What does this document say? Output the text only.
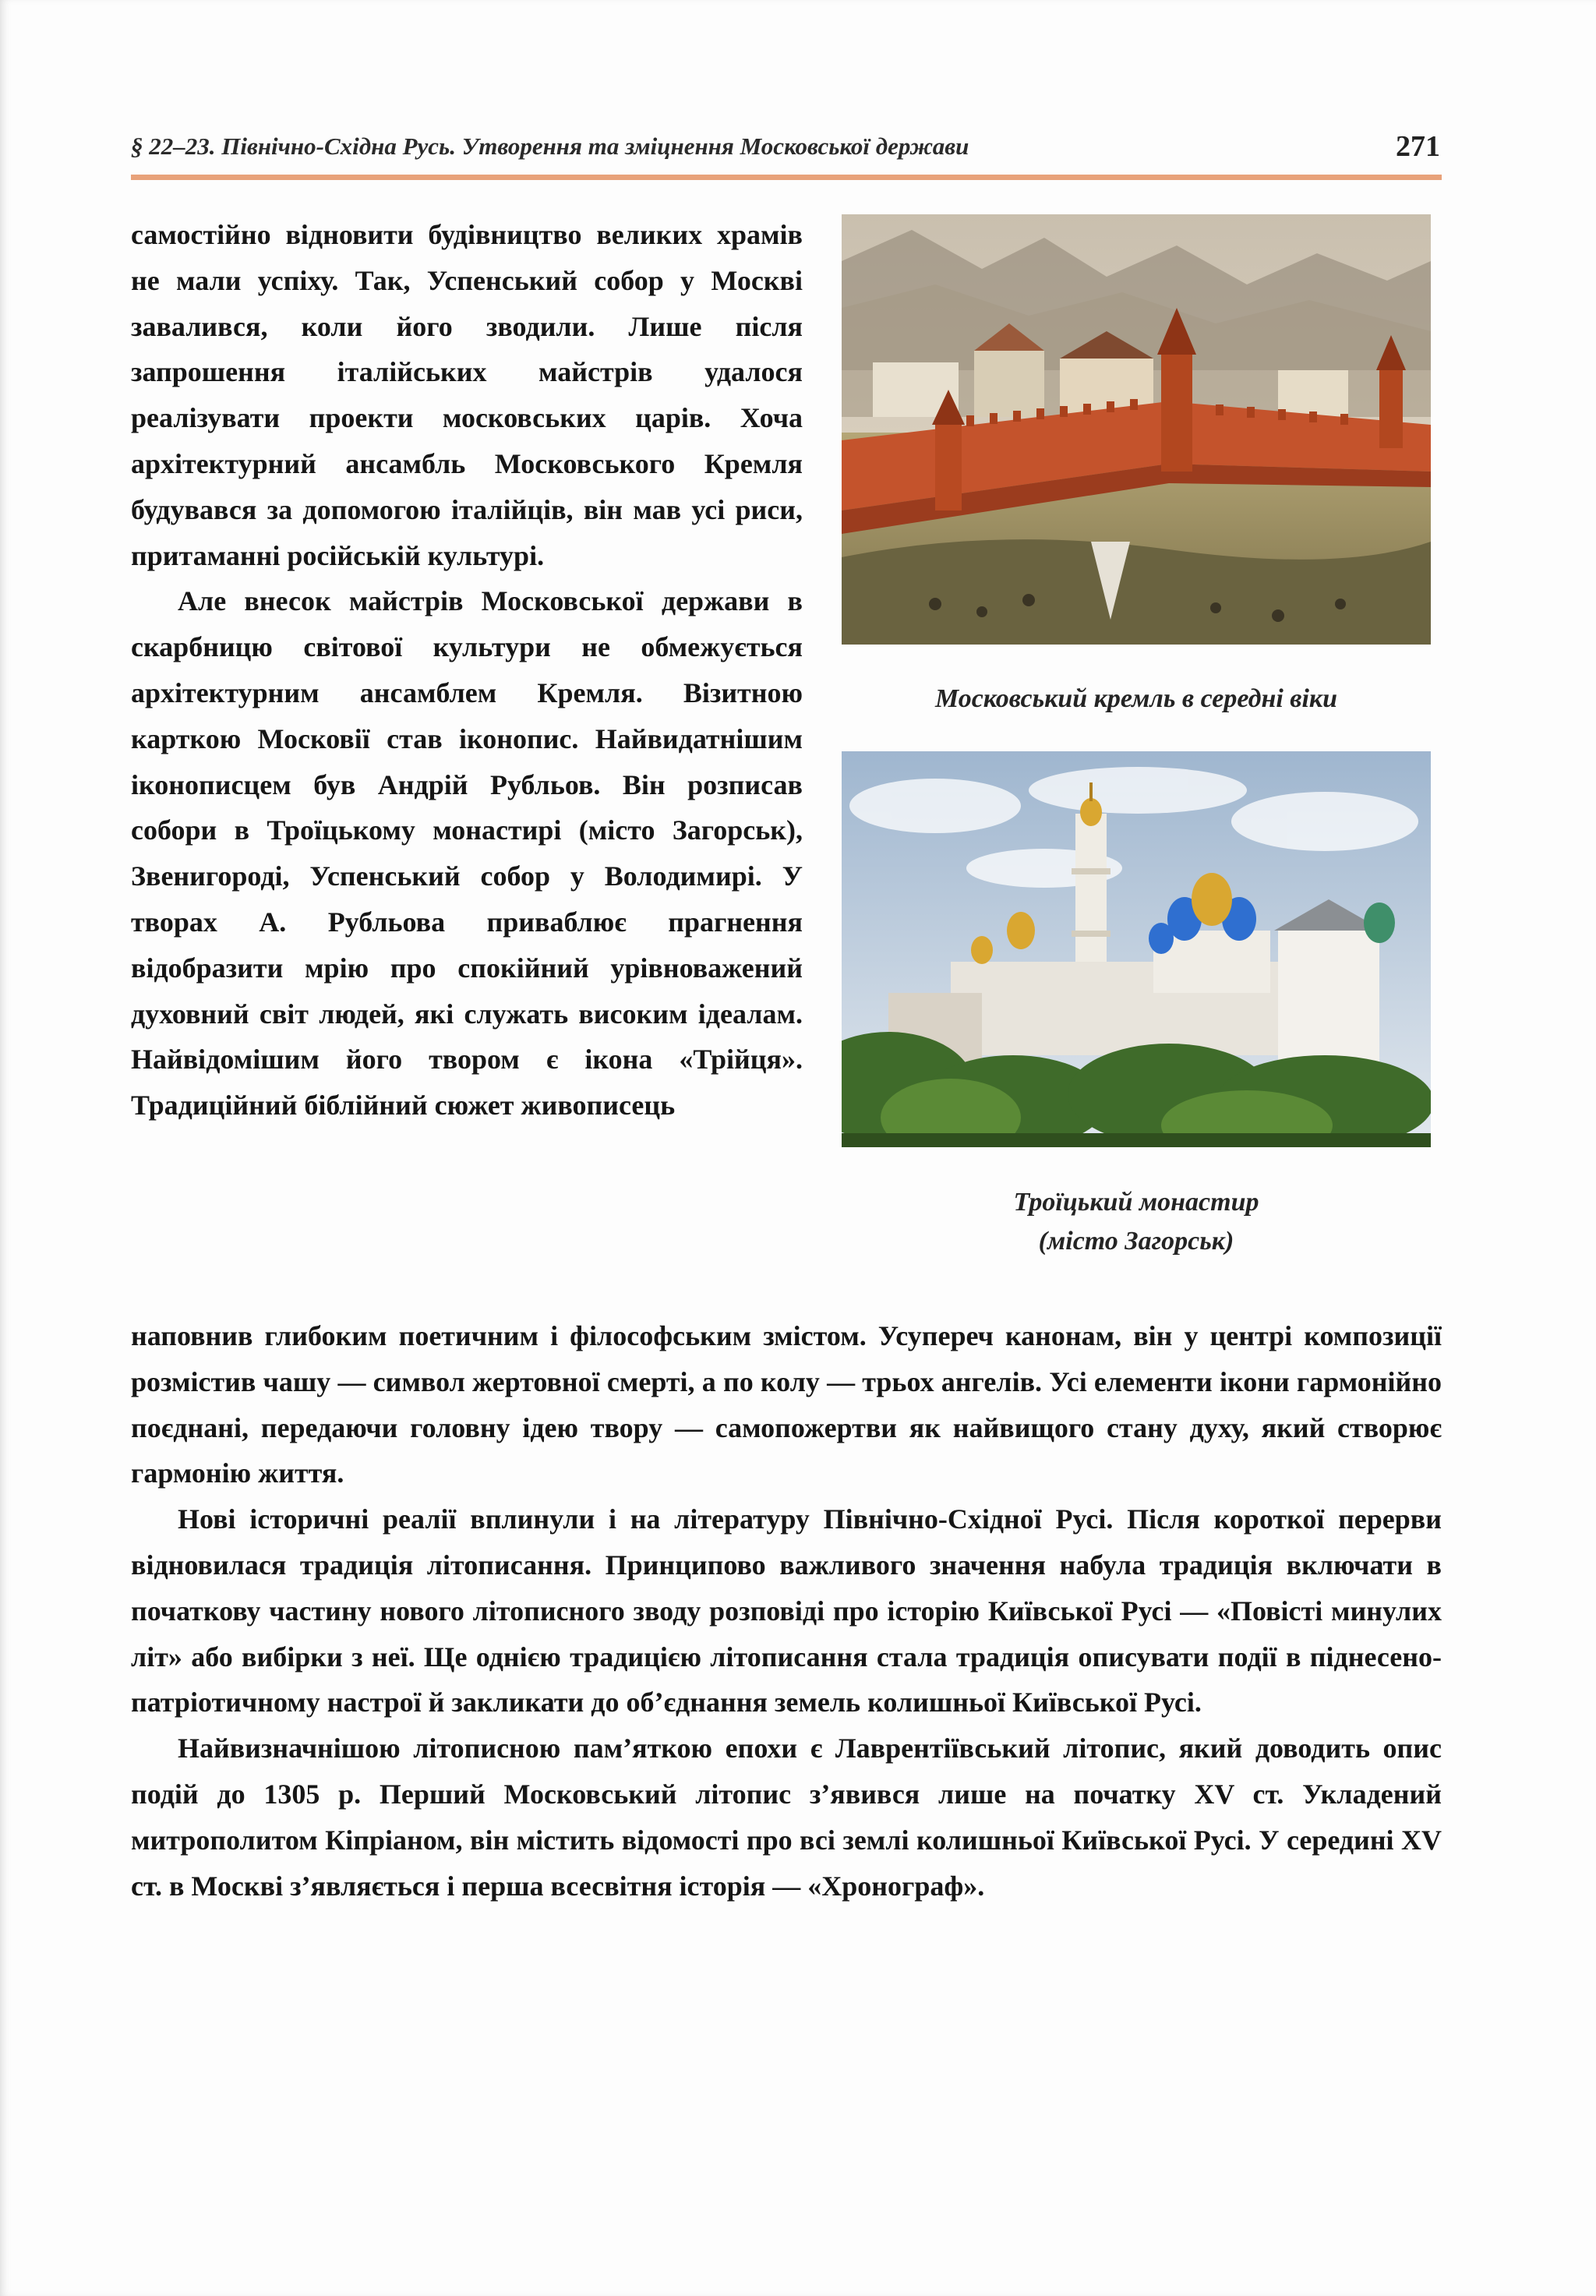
§ 22–23. Північно-Східна Русь. Утворення та зміцнення Московської держави	271

самостійно відновити будівництво великих храмів не мали успіху. Так, Успенський собор у Москві завалився, коли його зводили. Лише після запрошення італійських майстрів удалося реалізувати проекти московських царів. Хоча архітектурний ансамбль Московського Кремля будувався за допомогою італійців, він мав усі риси, притаманні російській культурі.

Але внесок майстрів Московської держави в скарбницю світової культури не обмежується архітектурним ансамблем Кремля. Візитною карткою Московії став іконопис. Найвидатнішим іконописцем був Андрій Рубльов. Він розписав собори в Троїцькому монастирі (місто Загорськ), Звенигороді, Успенський собор у Володимирі. У творах А. Рубльова приваблює прагнення відобразити мрію про спокійний урівноважений духовний світ людей, які служать високим ідеалам. Найвідомішим його твором є ікона «Трійця». Традиційний біблійний сюжет живописець

Московський кремль в середні віки
Троїцький монастир
(місто Загорськ)

наповнив глибоким поетичним і філософським змістом. Усупереч канонам, він у центрі композиції розмістив чашу — символ жертовної смерті, а по колу — трьох ангелів. Усі елементи ікони гармонійно поєднані, передаючи головну ідею твору — самопожертви як найвищого стану духу, який створює гармонію життя.

Нові історичні реалії вплинули і на літературу Північно-Східної Русі. Після короткої перерви відновилася традиція літописання. Принципово важливого значення набула традиція включати в початкову частину нового літописного зводу розповіді про історію Київської Русі — «Повісті минулих літ» або вибірки з неї. Ще однією традицією літописання стала традиція описувати події в піднесено-патріотичному настрої й закликати до об’єднання земель колишньої Київської Русі.

Найвизначнішою літописною пам’яткою епохи є Лаврентіївський літопис, який доводить опис подій до 1305 р. Перший Московський літопис з’явився лише на початку XV ст. Укладений митрополитом Кіпріаном, він містить відомості про всі землі колишньої Київської Русі. У середині XV ст. в Москві з’являється і перша всесвітня історія — «Хронограф».
